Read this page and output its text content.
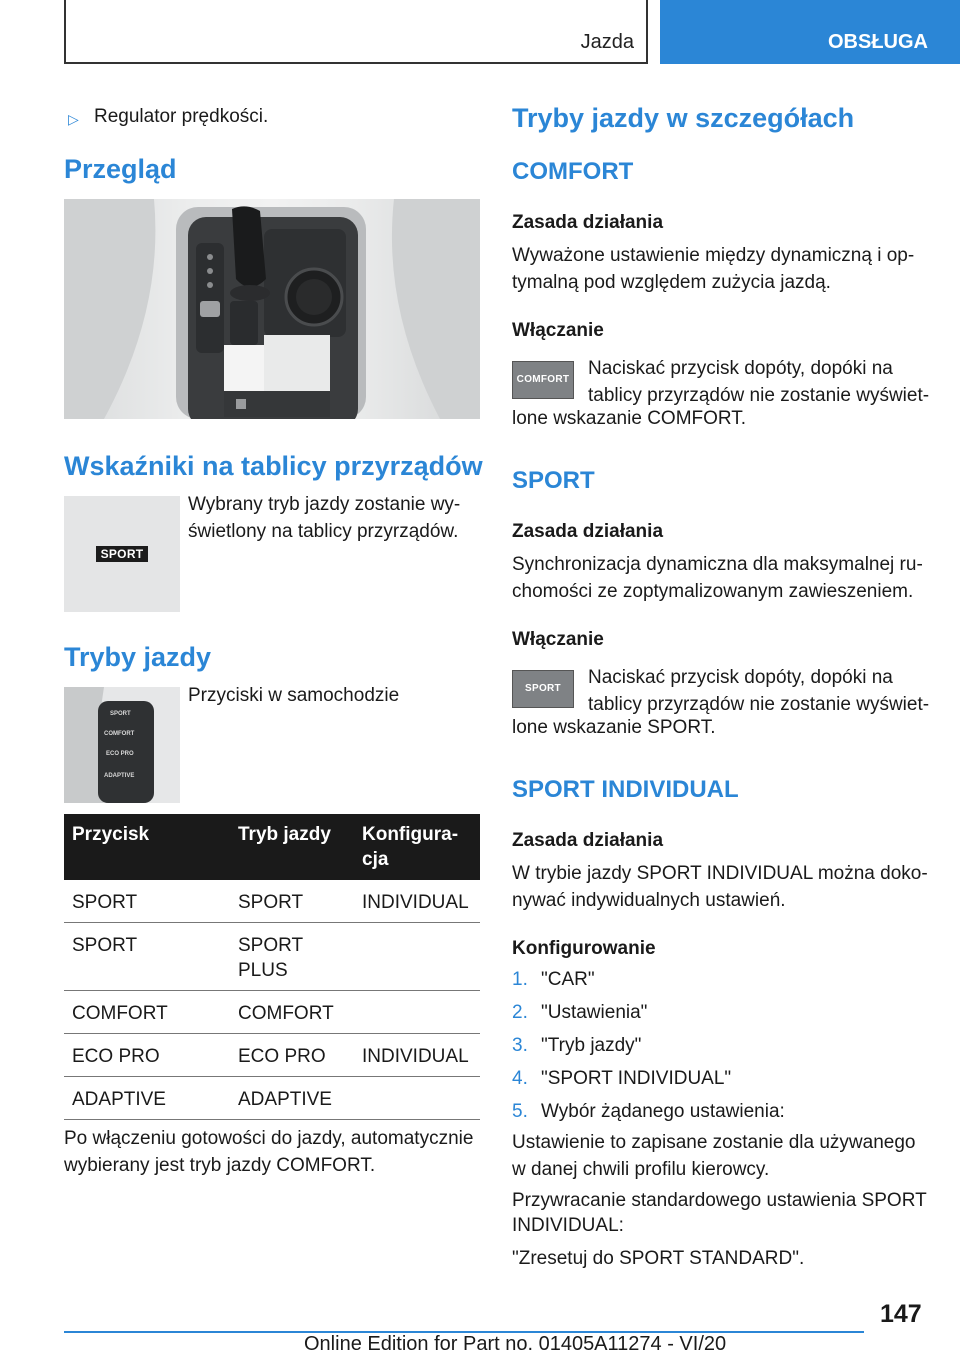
Jazda	OBSŁUGA
▷ Regulator prędkości.

Przegląd
Wskaźniki na tablicy przyrządów
SPORT

Wybrany tryb jazdy zostanie wy-

świetlony na tablicy przyrządów.

Tryby jazdy
SPORT
COMFORT
ECO PRO
ADAPTIVE

Przyciski w samochodzie

Przycisk	Tryb jazdy	Konfigura-
cja
SPORT	SPORT	INDIVIDUAL
SPORT	SPORT
PLUS	
COMFORT	COMFORT	
ECO PRO	ECO PRO	INDIVIDUAL
ADAPTIVE	ADAPTIVE	

Po włączeniu gotowości do jazdy, automatycznie

wybierany jest tryb jazdy COMFORT.

Tryby jazdy w szczegółach
COMFORT
Zasada działania

Wyważone ustawienie między dynamiczną i op-

tymalną pod względem zużycia jazdą.

Włączanie
COMFORT

Naciskać przycisk dopóty, dopóki na

tablicy przyrządów nie zostanie wyświet-

lone wskazanie COMFORT.

SPORT
Zasada działania

Synchronizacja dynamiczna dla maksymalnej ru-

chomości ze zoptymalizowanym zawieszeniem.

Włączanie
SPORT

Naciskać przycisk dopóty, dopóki na

tablicy przyrządów nie zostanie wyświet-

lone wskazanie SPORT.

SPORT INDIVIDUAL
Zasada działania

W trybie jazdy SPORT INDIVIDUAL można doko-

nywać indywidualnych ustawień.

Konfigurowanie
1. "CAR"
2. "Ustawienia"
3. "Tryb jazdy"
4. "SPORT INDIVIDUAL"
5. Wybór żądanego ustawienia:

Ustawienie to zapisane zostanie dla używanego

w danej chwili profilu kierowcy.

Przywracanie standardowego ustawienia SPORT

INDIVIDUAL:

"Zresetuj do SPORT STANDARD".

147
Online Edition for Part no. 01405A11274 - VI/20
